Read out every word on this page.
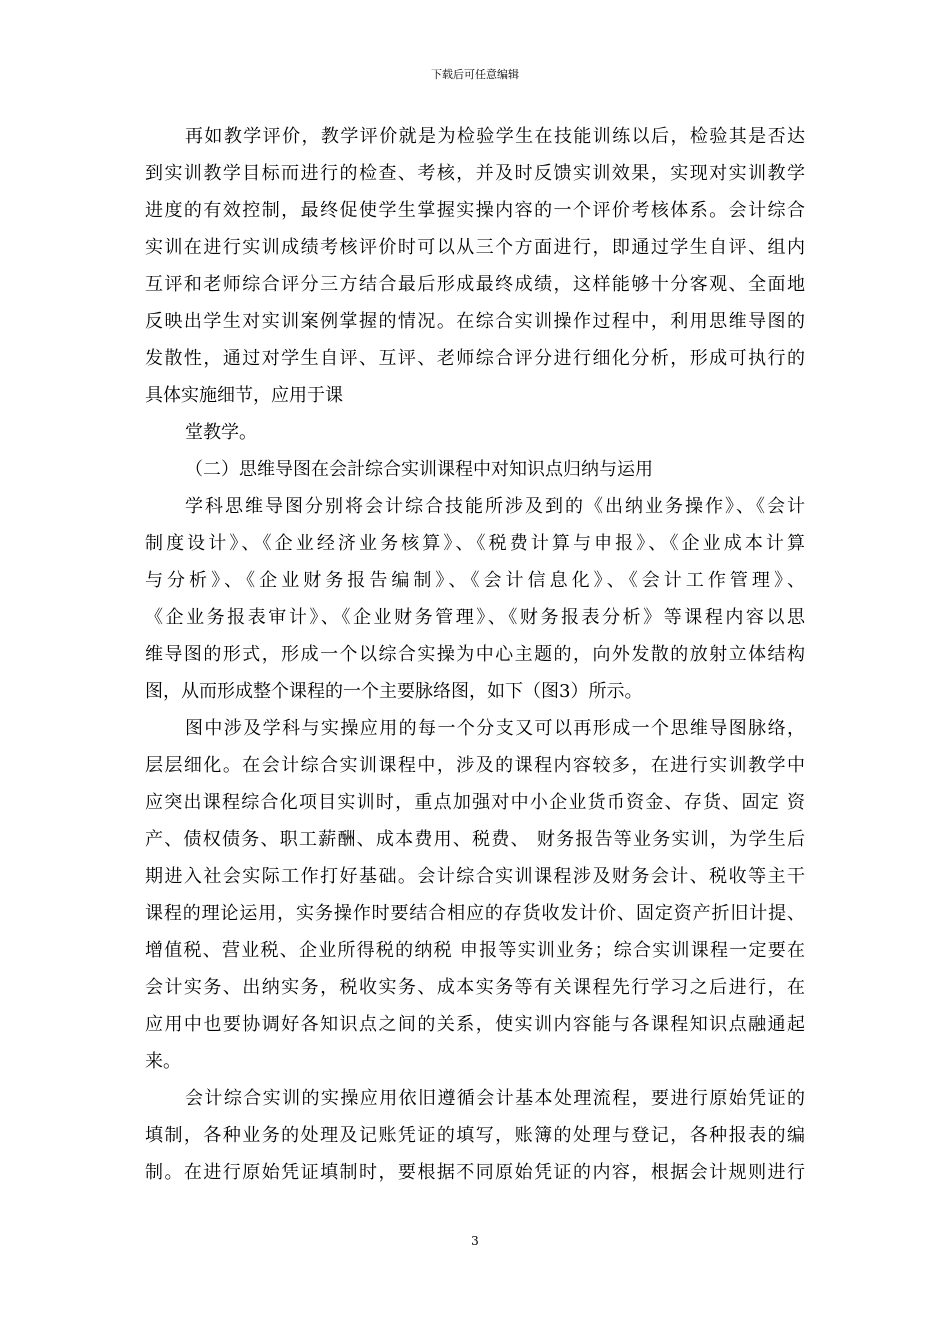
下载后可任意编辑
再如教学评价，教学评价就是为检验学生在技能训练以后，检验其是否达
到实训教学目标而进行的检查、考核，并及时反馈实训效果，实现对实训教学
进度的有效控制，最终促使学生掌握实操内容的一个评价考核体系。会计综合
实训在进行实训成绩考核评价时可以从三个方面进行，即通过学生自评、组内
互评和老师综合评分三方结合最后形成最终成绩，这样能够十分客观、全面地
反映出学生对实训案例掌握的情况。在综合实训操作过程中，利用思维导图的
发散性，通过对学生自评、互评、老师综合评分进行细化分析，形成可执行的
具体实施细节，应用于课
堂教学。
（二）思维导图在会計综合实训课程中对知识点归纳与运用
学科思维导图分别将会计综合技能所涉及到的《出纳业务操作》、《会计
制度设计》、《企业经济业务核算》、《税费计算与申报》、《企业成本计算
与分析》、《企业财务报告编制》、《会计信息化》、《会计工作管理》、
《企业务报表审计》、《企业财务管理》、《财务报表分析》等课程内容以思
维导图的形式，形成一个以综合实操为中心主题的，向外发散的放射立体结构
图，从而形成整个课程的一个主要脉络图，如下（图3）所示。
图中涉及学科与实操应用的每一个分支又可以再形成一个思维导图脉络，
层层细化。在会计综合实训课程中，涉及的课程内容较多，在进行实训教学中
应突出课程综合化项目实训时，重点加强对中小企业货币资金、存货、固定 资
产、债权债务、职工薪酬、成本费用、税费、 财务报告等业务实训，为学生后
期进入社会实际工作打好基础。会计综合实训课程涉及财务会计、税收等主干
课程的理论运用，实务操作时要结合相应的存货收发计价、固定资产折旧计提、
增值税、营业税、企业所得税的纳税 申报等实训业务；综合实训课程一定要在
会计实务、出纳实务，税收实务、成本实务等有关课程先行学习之后进行，在
应用中也要协调好各知识点之间的关系，使实训内容能与各课程知识点融通起
来。
会计综合实训的实操应用依旧遵循会计基本处理流程，要进行原始凭证的
填制，各种业务的处理及记账凭证的填写，账簿的处理与登记，各种报表的编
制。在进行原始凭证填制时，要根据不同原始凭证的内容，根据会计规则进行
3
